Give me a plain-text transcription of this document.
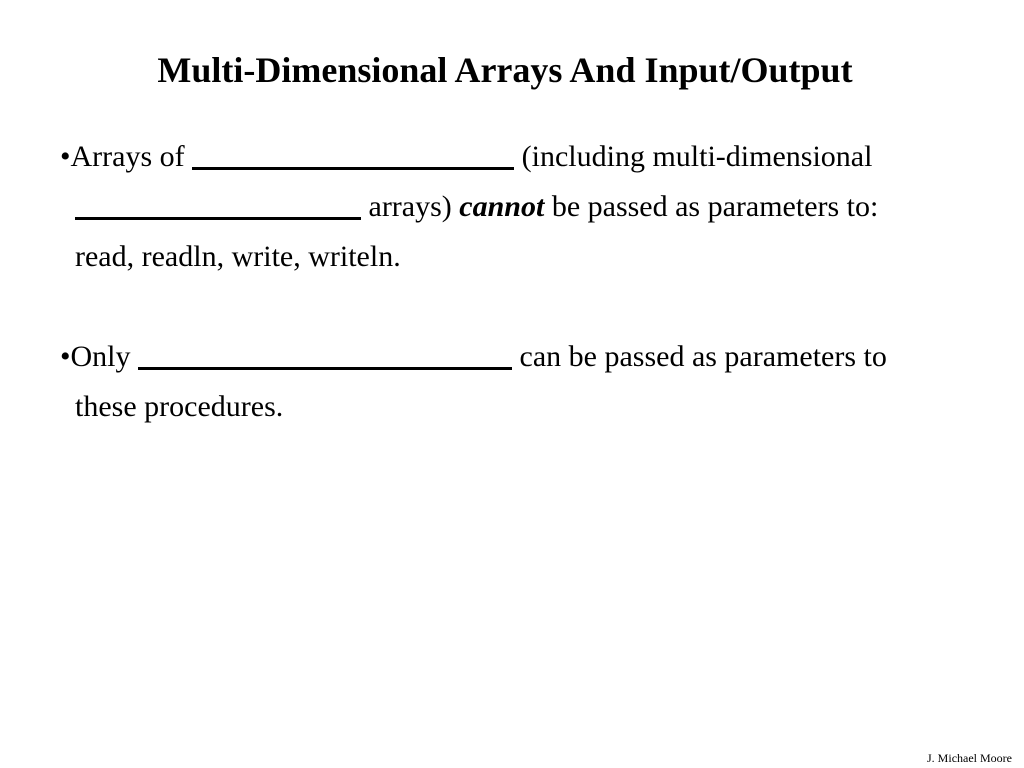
Multi-Dimensional Arrays And Input/Output
•Arrays of	(including multi-dimensional
arrays) cannot be passed as parameters to:
read, readln, write, writeln.
•Only	can be passed as parameters to
these procedures.
J. Michael Moore
